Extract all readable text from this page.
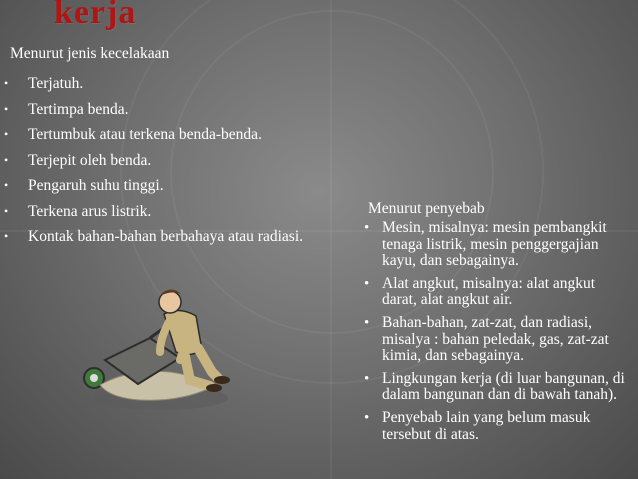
kerja
Menurut jenis kecelakaan
• Terjatuh.
• Tertimpa benda.
• Tertumbuk atau terkena benda-benda.
• Terjepit oleh benda.
• Pengaruh suhu tinggi.
• Terkena arus listrik.
• Kontak bahan-bahan berbahaya atau radiasi.
Menurut penyebab
• Mesin, misalnya: mesin pembangkit tenaga listrik, mesin penggergajian kayu, dan sebagainya.
• Alat angkut, misalnya: alat angkut darat, alat angkut air.
• Bahan-bahan, zat-zat, dan radiasi, misalya : bahan peledak, gas, zat-zat kimia, dan sebagainya.
• Lingkungan kerja (di luar bangunan, di dalam bangunan dan di bawah tanah).
• Penyebab lain yang belum masuk tersebut di atas.
